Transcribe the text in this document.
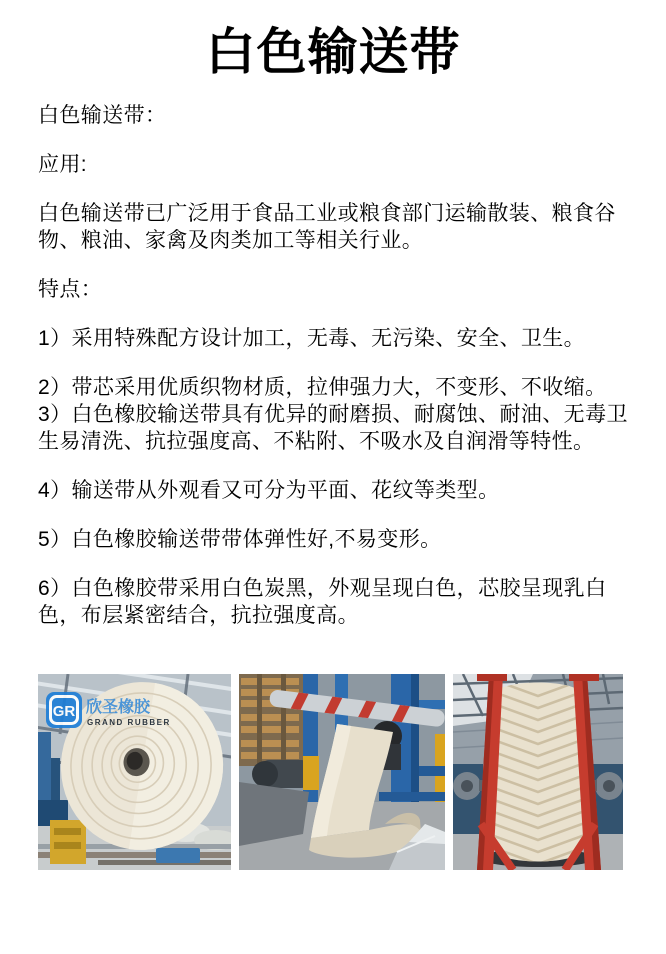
白色输送带

白色输送带：

应用:

白色输送带已广泛用于食品工业或粮食部门运输散装、粮食谷物、粮油、家禽及肉类加工等相关行业。

特点：

1）采用特殊配方设计加工，无毒、无污染、安全、卫生。

2）带芯采用优质织物材质，拉伸强力大，不变形、不收缩。

3）白色橡胶输送带具有优异的耐磨损、耐腐蚀、耐油、无毒卫生易清洗、抗拉强度高、不粘附、不吸水及自润滑等特性。

4）输送带从外观看又可分为平面、花纹等类型。

5）白色橡胶输送带带体弹性好,不易变形。

6）白色橡胶带采用白色炭黑，外观呈现白色，芯胶呈现乳白色，布层紧密结合，抗拉强度高。

GR 欣圣橡胶
GRAND RUBBER
